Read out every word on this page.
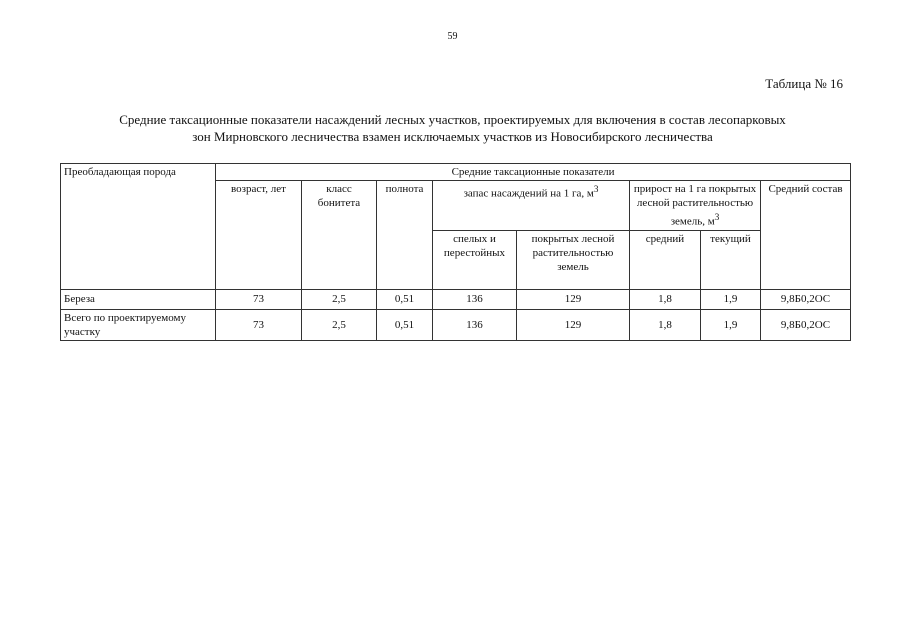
59
Таблица № 16
Средние таксационные показатели насаждений лесных участков, проектируемых для включения в состав лесопарковых
зон Мирновского лесничества взамен исключаемых участков из Новосибирского лесничества
Преобладающая порода	Средние таксационные показатели							
	возраст, лет	класс бонитета	полнота	запас насаждений на 1 га, $м^3$		прирост на 1 га покрытых лесной растительностью земель, $м^3$		Средний состав
				спелых и перестойных	покрытых лесной растительностью земель	средний	текущий	
Береза	73	2,5	0,51	136	129	1,8	1,9	9,8Б0,2ОС
Всего по проектируемому участку	73	2,5	0,51	136	129	1,8	1,9	9,8Б0,2ОС
